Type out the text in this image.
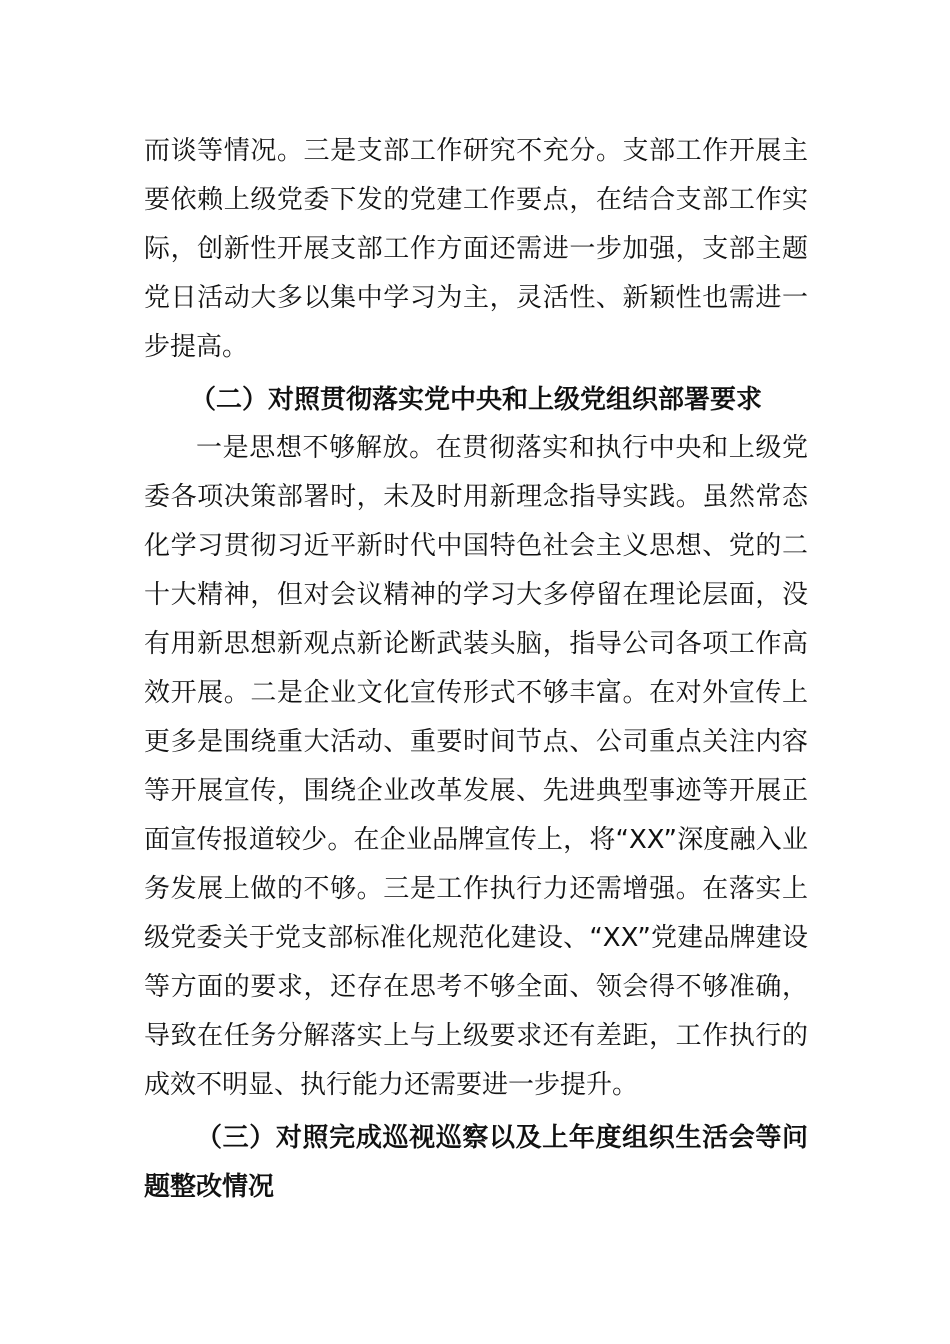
而谈等情况。三是支部工作研究不充分。支部工作开展主
要依赖上级党委下发的党建工作要点，在结合支部工作实
际，创新性开展支部工作方面还需进一步加强，支部主题
党日活动大多以集中学习为主，灵活性、新颖性也需进一
步提高。
（二）对照贯彻落实党中央和上级党组织部署要求
一是思想不够解放。在贯彻落实和执行中央和上级党
委各项决策部署时，未及时用新理念指导实践。虽然常态
化学习贯彻习近平新时代中国特色社会主义思想、党的二
十大精神，但对会议精神的学习大多停留在理论层面，没
有用新思想新观点新论断武装头脑，指导公司各项工作高
效开展。二是企业文化宣传形式不够丰富。在对外宣传上
更多是围绕重大活动、重要时间节点、公司重点关注内容
等开展宣传，围绕企业改革发展、先进典型事迹等开展正
面宣传报道较少。在企业品牌宣传上，将“XX”深度融入业
务发展上做的不够。三是工作执行力还需增强。在落实上
级党委关于党支部标准化规范化建设、“XX”党建品牌建设
等方面的要求，还存在思考不够全面、领会得不够准确，
导致在任务分解落实上与上级要求还有差距，工作执行的
成效不明显、执行能力还需要进一步提升。
（三）对照完成巡视巡察以及上年度组织生活会等问
题整改情况
